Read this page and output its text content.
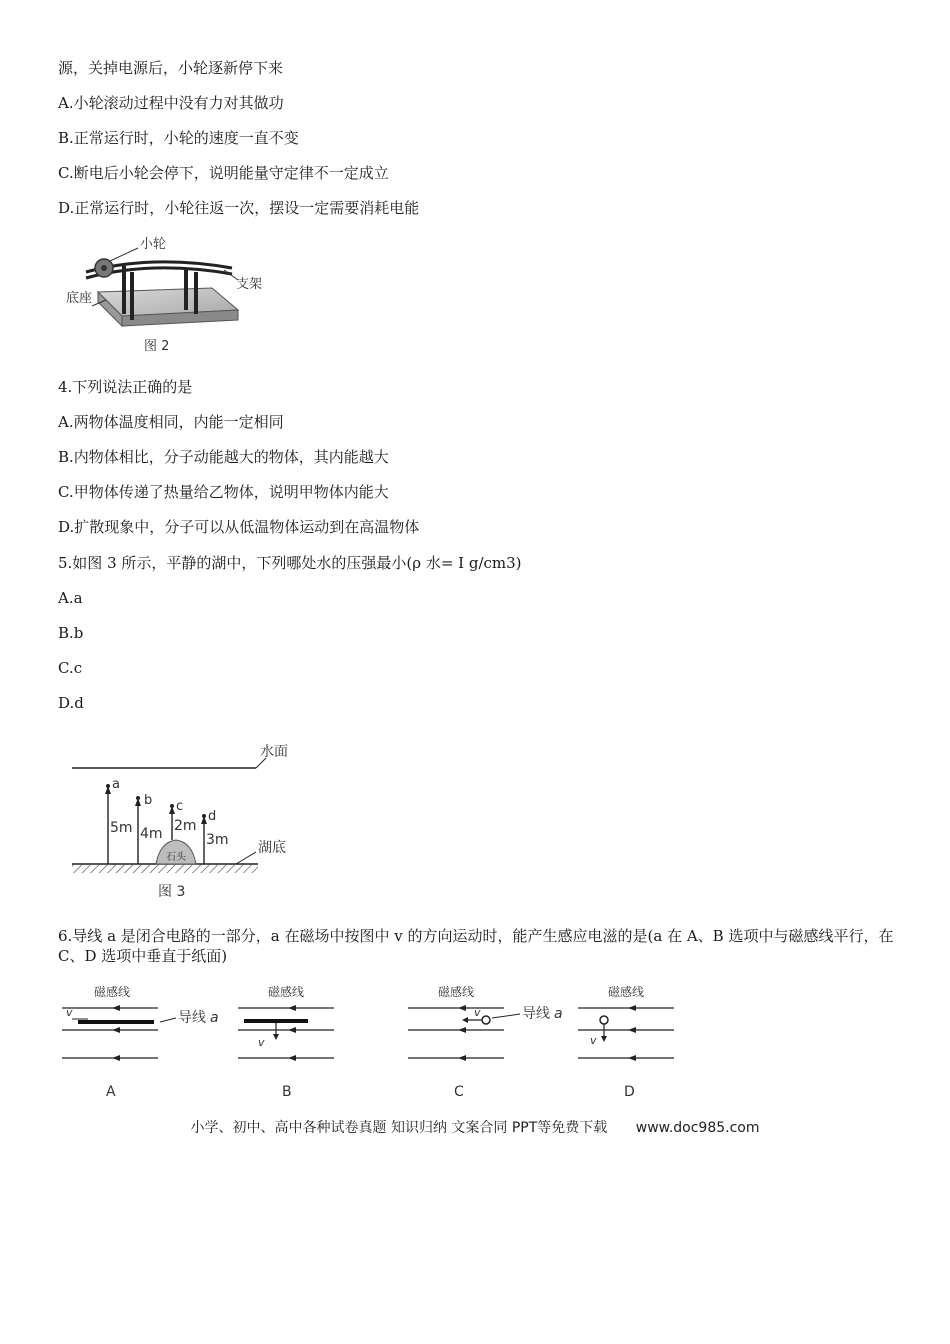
源，关掉电源后，小轮逐新停下来
A.小轮滚动过程中没有力对其做功
B.正常运行时，小轮的速度一直不变
C.断电后小轮会停下，说明能量守定律不一定成立
D.正常运行时，小轮往返一次，摆设一定需要消耗电能
小轮
支架
底座
图 2
4.下列说法正确的是
A.两物体温度相同，内能一定相同
B.内物体相比，分子动能越大的物体，其内能越大
C.甲物体传递了热量给乙物体，说明甲物体内能大
D.扩散现象中，分子可以从低温物体运动到在高温物体
5.如图 3 所示，平静的湖中，下列哪处水的压强最小(ρ 水= I g/cm3)
A.a
B.b
C.c
D.d
水面
湖底
石头
a
5m
b
4m
c
2m
d
3m
图 3
6.导线 a 是闭合电路的一部分，a 在磁场中按图中 v 的方向运动时，能产生感应电滋的是(a 在 A、B 选项中与磁感线平行，在 C、D 选项中垂直于纸面)
磁感线
v
A
导线 a
磁感线
v
B
磁感线
v
C
导线 a
磁感线
v
D
小学、初中、高中各种试卷真题 知识归纳 文案合同 PPT等免费下载 www.doc985.com
